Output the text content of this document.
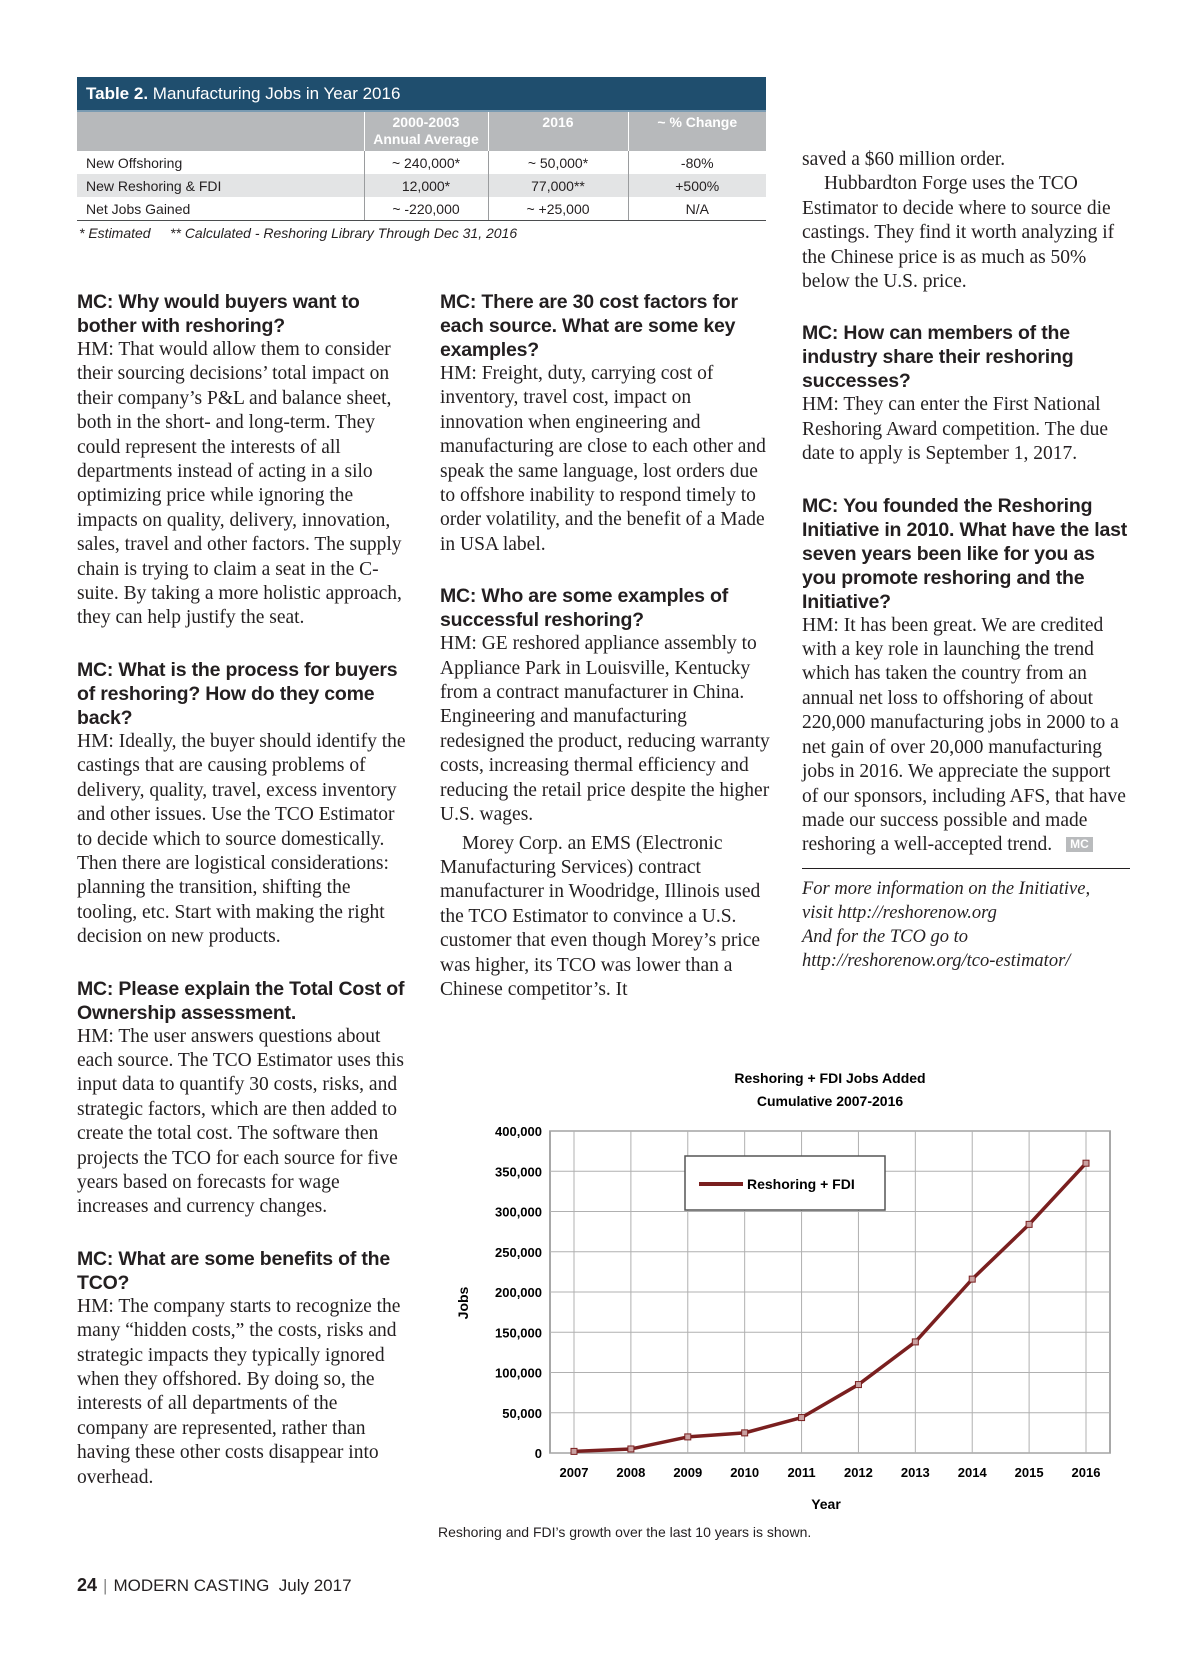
Table 2. Manufacturing Jobs in Year 2016
	2000-2003 Annual Average	2016	~ % Change
New Offshoring	~ 240,000*	~ 50,000*	-80%
New Reshoring & FDI	12,000*	77,000**	+500%
Net Jobs Gained	~ -220,000	~ +25,000	N/A
* Estimated     ** Calculated - Reshoring Library Through Dec 31, 2016

MC: Why would buyers want to bother with reshoring?

HM: That would allow them to consider their sourcing decisions’ total impact on their company’s P&L and balance sheet, both in the short- and long-term. They could represent the interests of all departments instead of acting in a silo optimizing price while ignoring the impacts on quality, delivery, innovation, sales, travel and other factors. The supply chain is trying to claim a seat in the C-suite. By taking a more holistic approach, they can help justify the seat.

MC: What is the process for buyers of reshoring? How do they come back?

HM: Ideally, the buyer should identify the castings that are causing problems of delivery, quality, travel, excess inventory and other issues. Use the TCO Estimator to decide which to source domestically. Then there are logistical considerations: planning the transition, shifting the tooling, etc. Start with making the right decision on new products.

MC: Please explain the Total Cost of Ownership assessment.

HM: The user answers questions about each source. The TCO Estimator uses this input data to quantify 30 costs, risks, and strategic factors, which are then added to create the total cost. The software then projects the TCO for each source for five years based on forecasts for wage increases and currency changes.

MC: What are some benefits of the TCO?

HM: The company starts to recognize the many “hidden costs,” the costs, risks and strategic impacts they typically ignored when they offshored. By doing so, the interests of all departments of the company are represented, rather than having these other costs disappear into overhead.

MC: There are 30 cost factors for each source. What are some key examples?

HM: Freight, duty, carrying cost of inventory, travel cost, impact on innovation when engineering and manufacturing are close to each other and speak the same language, lost orders due to offshore inability to respond timely to order volatility, and the benefit of a Made in USA label.

MC: Who are some examples of successful reshoring?

HM: GE reshored appliance assembly to Appliance Park in Louisville, Kentucky from a contract manufacturer in China. Engineering and manufacturing redesigned the product, reducing warranty costs, increasing thermal efficiency and reducing the retail price despite the higher U.S. wages.

Morey Corp. an EMS (Electronic Manufacturing Services) contract manufacturer in Woodridge, Illinois used the TCO Estimator to convince a U.S. customer that even though Morey’s price was higher, its TCO was lower than a Chinese competitor’s. It

saved a $60 million order.

Hubbardton Forge uses the TCO Estimator to decide where to source die castings. They find it worth analyzing if the Chinese price is as much as 50% below the U.S. price.

MC: How can members of the industry share their reshoring successes?

HM: They can enter the First National Reshoring Award competition. The due date to apply is September 1, 2017.

MC: You founded the Reshoring Initiative in 2010. What have the last seven years been like for you as you promote reshoring and the Initiative?

HM: It has been great. We are credited with a key role in launching the trend which has taken the country from an annual net loss to offshoring of about 220,000 manufacturing jobs in 2000 to a net gain of over 20,000 manufacturing jobs in 2016. We appreciate the support of our sponsors, including AFS, that have made our success possible and made reshoring a well-accepted trend. MC

For more information on the Initiative,

visit http://reshorenow.org

And for the TCO go to

http://reshorenow.org/tco-estimator/

Reshoring + FDI Jobs Added
Cumulative 2007-2016
0
50,000
100,000
150,000
200,000
250,000
300,000
350,000
400,000
2007 2008 2009 2010 2011 2012 2013 2014 2015 2016
Reshoring + FDI
Year
Jobs
Reshoring and FDI’s growth over the last 10 years is shown.
24 | MODERN CASTING July 2017
